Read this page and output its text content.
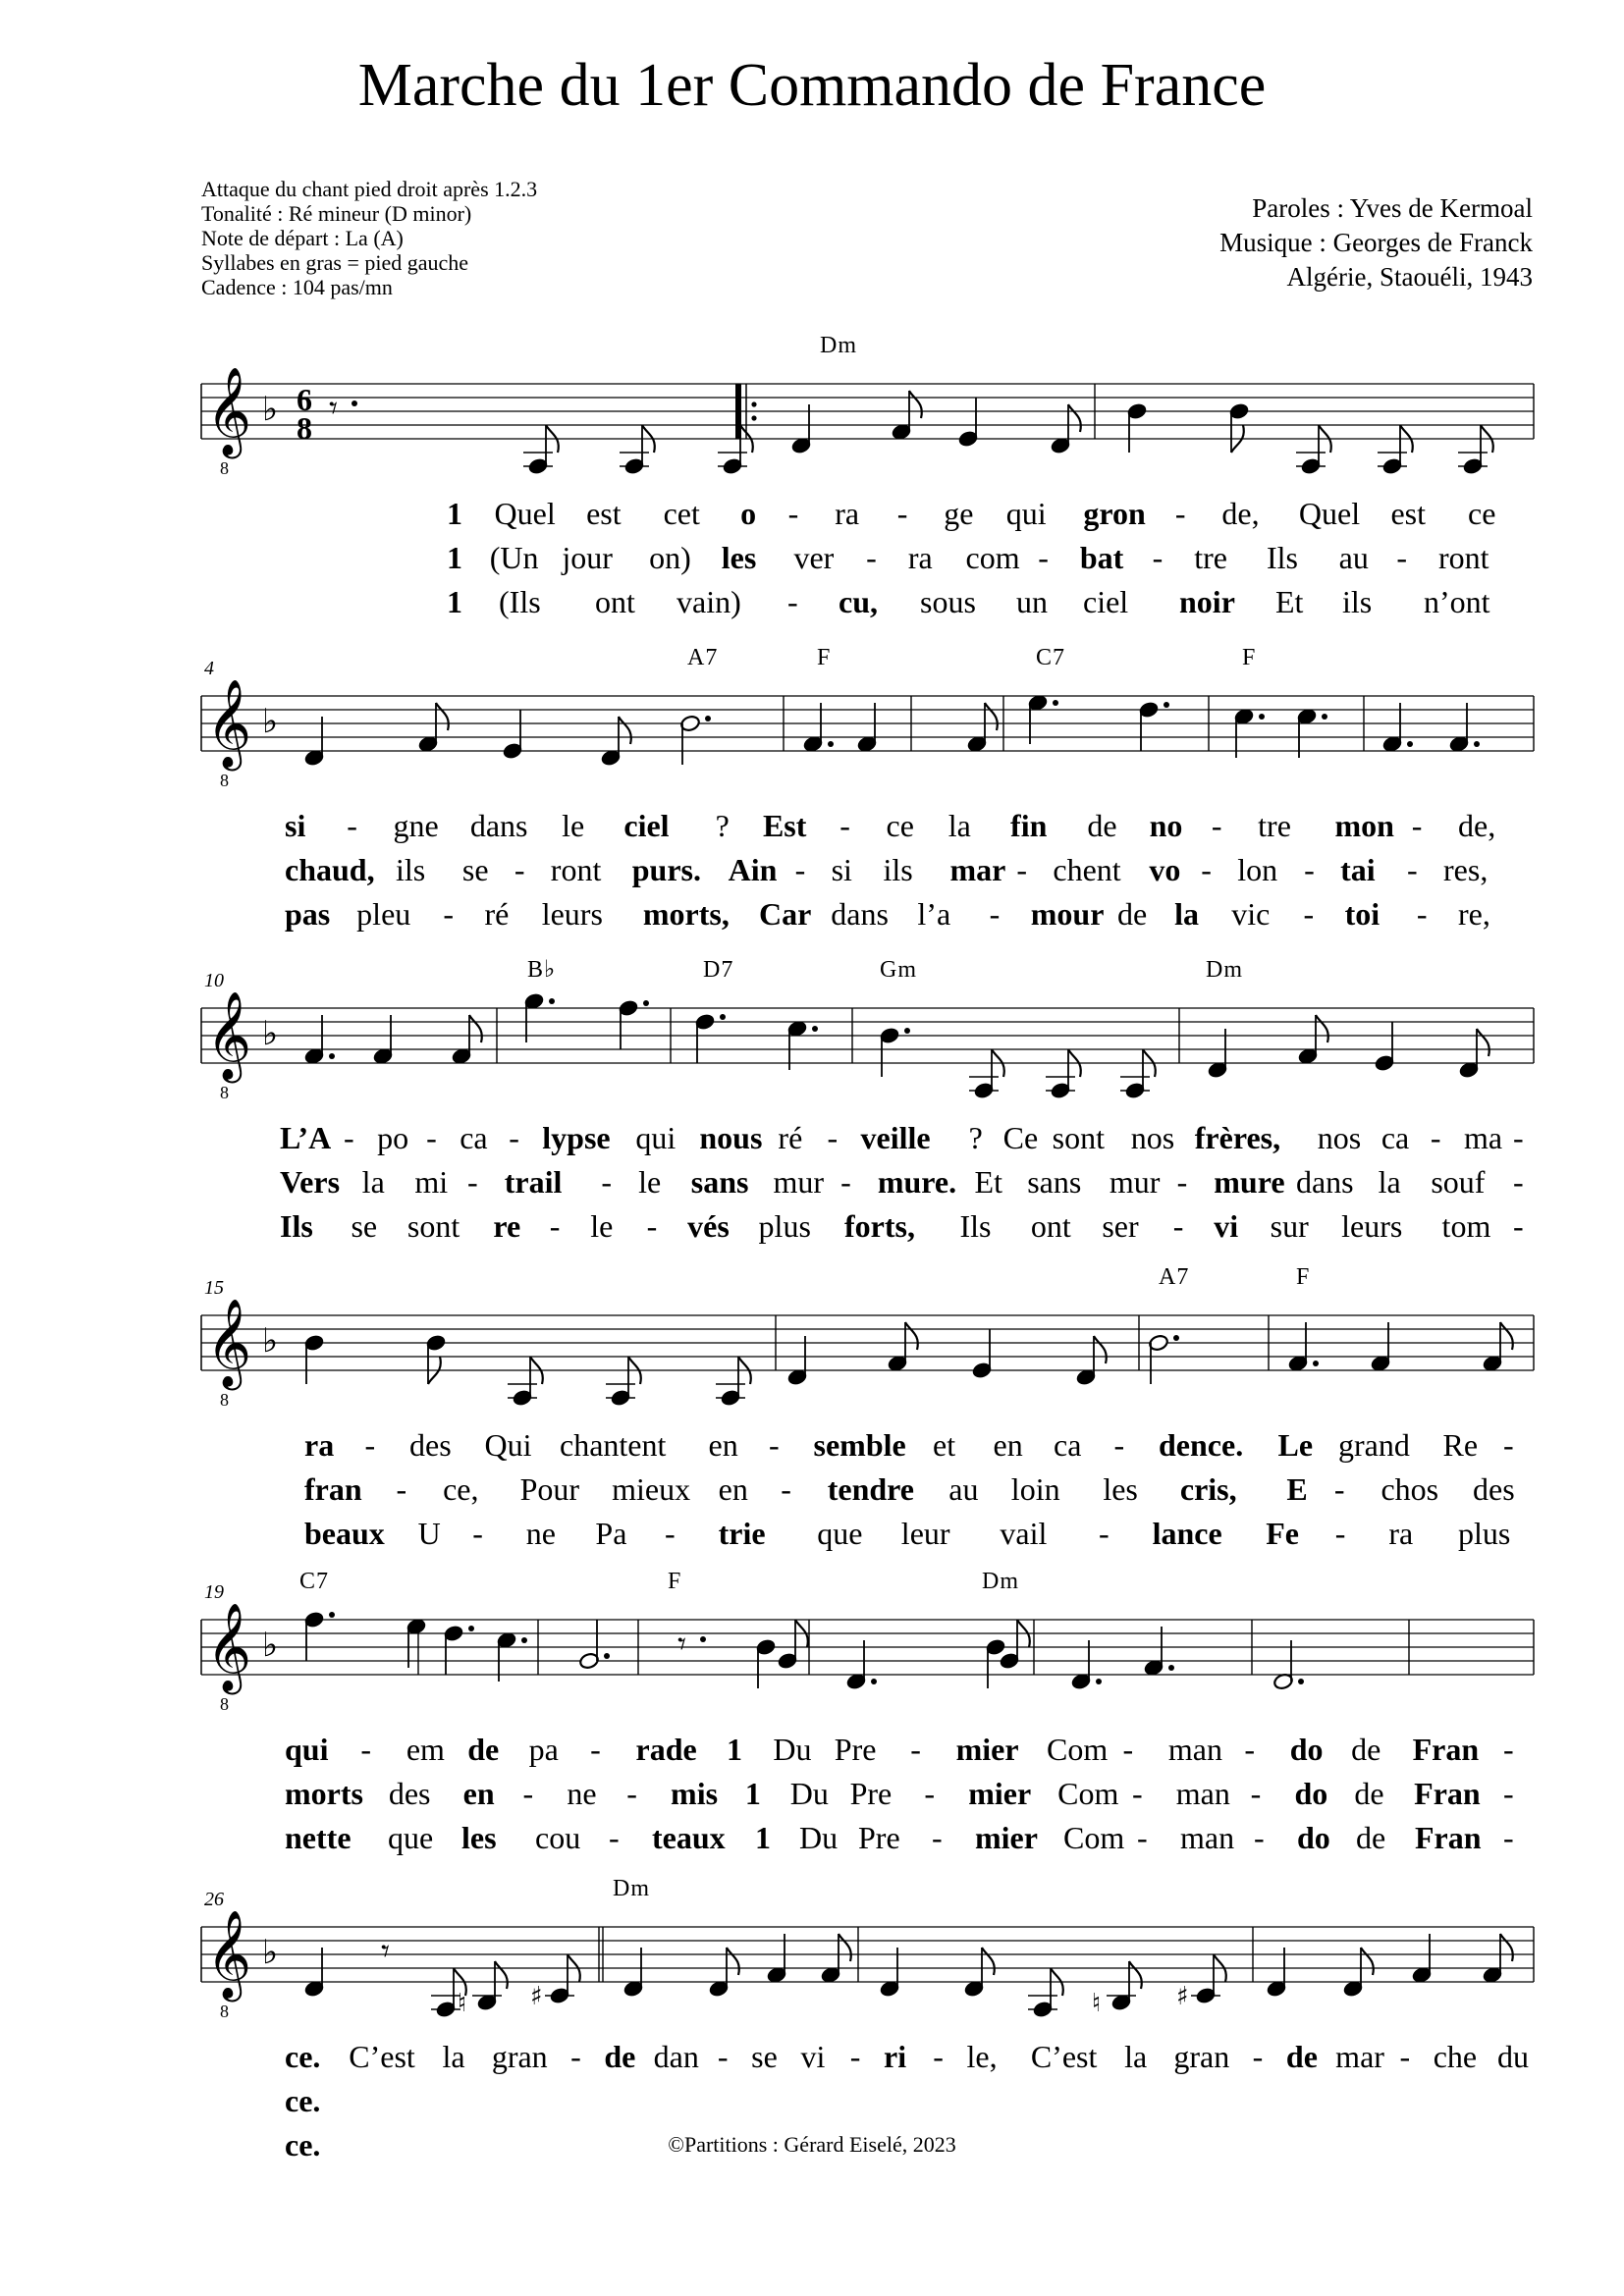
Marche du 1er Commando de France
Attaque du chant pied droit après 1.2.3
Tonalité : Ré mineur (D minor)
Note de départ : La (A)
Syllabes en gras = pied gauche
Cadence : 104 pas/mn
Paroles : Yves de Kermoal
Musique : Georges de Franck
Algérie, Staouéli, 1943
𝄞
8
♭ 6
8 𝄾
Dm
1 Quel est cet o - ra - ge qui gron - de, Quel est ce
1 (Un jour on) les ver - ra com - bat - tre Ils au - ront
1 (Ils ont vain) - cu, sous un ciel noir Et ils n’ont
𝄞
8
♭
4	A7	F	C7	F
si - gne dans le ciel ? Est - ce la fin de no - tre mon - de,
chaud, ils se - ront purs. Ain - si ils mar - chent vo - lon - tai - res,
pas pleu - ré leurs morts, Car dans l’a - mour de la vic - toi - re,
𝄞
8
♭
10	B♭	D7	Gm	Dm
L’A - po - ca - lypse qui nous ré - veille ? Ce sont nos frères, nos ca - ma -
Vers la mi - trail - le sans mur - mure. Et sans mur - mure dans la souf -
Ils se sont re - le - vés plus forts, Ils ont ser - vi sur leurs tom -
𝄞
8
♭
15	A7	F
ra - des Qui chantent en - semble et en ca - dence. Le grand Re -
fran - ce, Pour mieux en - tendre au loin les cris, E - chos des
beaux U - ne Pa - trie que leur vail - lance Fe - ra plus
𝄞
8
♭	𝄾
19	C7	F	Dm
qui - em de pa - rade 1 Du Pre - mier Com - man - do de Fran -
morts des en - ne - mis 1 Du Pre - mier Com - man - do de Fran -
nette que les cou - teaux 1 Du Pre - mier Com - man - do de Fran -
𝄞
8
♭	𝄾
♮ ♯	♮	♯
26	Dm
ce. C’est la gran - de dan - se vi - ri - le, C’est la gran - de mar - che du
ce.
ce.	©Partitions : Gérard Eiselé, 2023
